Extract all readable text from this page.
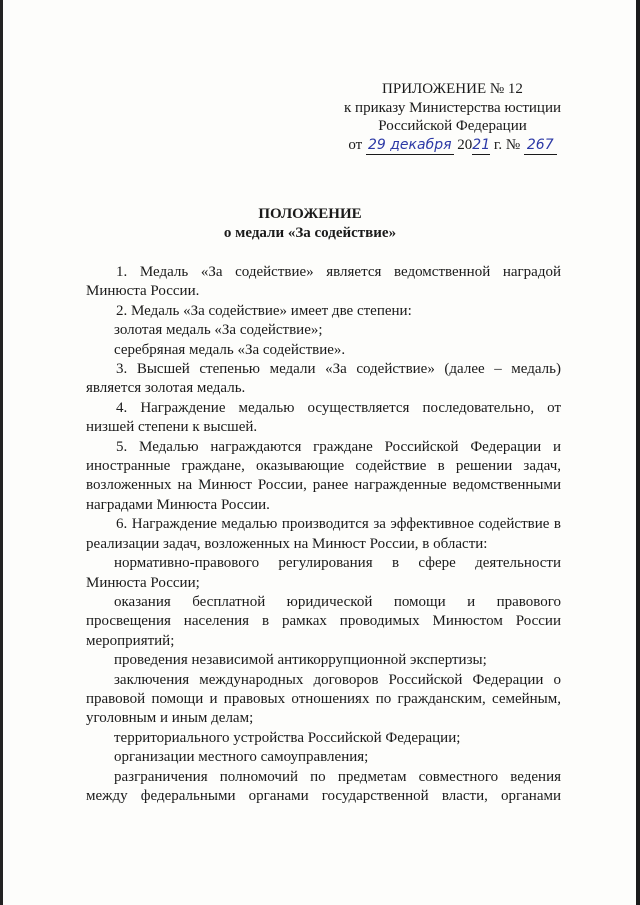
ПРИЛОЖЕНИЕ № 12
к приказу Министерства юстиции
Российской Федерации
от 29 декабря 2021 г. № 267
ПОЛОЖЕНИЕ
о медали «За содействие»

1. Медаль «За содействие» является ведомственной наградой Минюста России.

2. Медаль «За содействие» имеет две степени:

золотая медаль «За содействие»;

серебряная медаль «За содействие».

3. Высшей степенью медали «За содействие» (далее – медаль) является золотая медаль.

4. Награждение медалью осуществляется последовательно, от низшей степени к высшей.

5. Медалью награждаются граждане Российской Федерации и иностранные граждане, оказывающие содействие в решении задач, возложенных на Минюст России, ранее награжденные ведомственными наградами Минюста России.

6. Награждение медалью производится за эффективное содействие в реализации задач, возложенных на Минюст России, в области:

нормативно-правового регулирования в сфере деятельности Минюста России;

оказания бесплатной юридической помощи и правового просвещения населения в рамках проводимых Минюстом России мероприятий;

проведения независимой антикоррупционной экспертизы;

заключения международных договоров Российской Федерации о правовой помощи и правовых отношениях по гражданским, семейным, уголовным и иным делам;

территориального устройства Российской Федерации;

организации местного самоуправления;

разграничения полномочий по предметам совместного ведения между федеральными органами государственной власти, органами
